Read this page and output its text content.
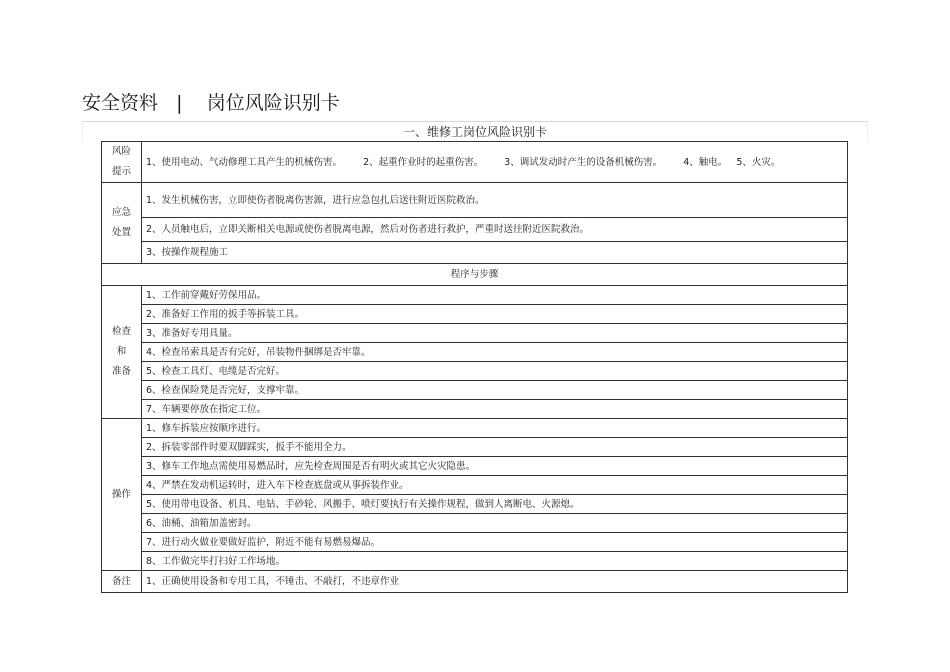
安全资料 | 岗位风险识别卡
一、维修工岗位风险识别卡
风险
提示	1、使用电动、气动修理工具产生的机械伤害。 2、起重作业时的起重伤害。 3、调试发动时产生的设备机械伤害。 4、触电。 5、火灾。

应急
处置	1、发生机械伤害，立即使伤者脱离伤害源，进行应急包扎后送往附近医院救治。
	2、人员触电后，立即关断相关电源或使伤者脱离电源，然后对伤者进行救护，严重时送往附近医院救治。
	3、按操作规程施工
程序与步骤	

检查
和
准备	1、工作前穿戴好劳保用品。
	2、准备好工作用的扳手等拆装工具。
	3、准备好专用具量。
	4、检查吊索具是否有完好，吊装物件捆绑是否牢靠。
	5、检查工具灯、电缆是否完好。
	6、检查保险凳是否完好，支撑牢靠。
	7、车辆要停放在指定工位。
操作	1、修车拆装应按顺序进行。
	2、拆装零部件时要双脚踩实，扳手不能用全力。
	3、修车工作地点需使用易燃品时，应先检查周围是否有明火或其它火灾隐患。
	4、严禁在发动机运转时，进入车下检查底盘或从事拆装作业。
	5、使用带电设备、机具、电钻、手砂轮、风搬手、喷灯要执行有关操作规程，做到人离断电、火源熄。
	6、油桶、油箱加盖密封。
	7、进行动火做业要做好监护，附近不能有易燃易爆品。
	8、工作做完毕打扫好工作场地。
备注	1、正确使用设备和专用工具，不锤击、不敲打，不违章作业
